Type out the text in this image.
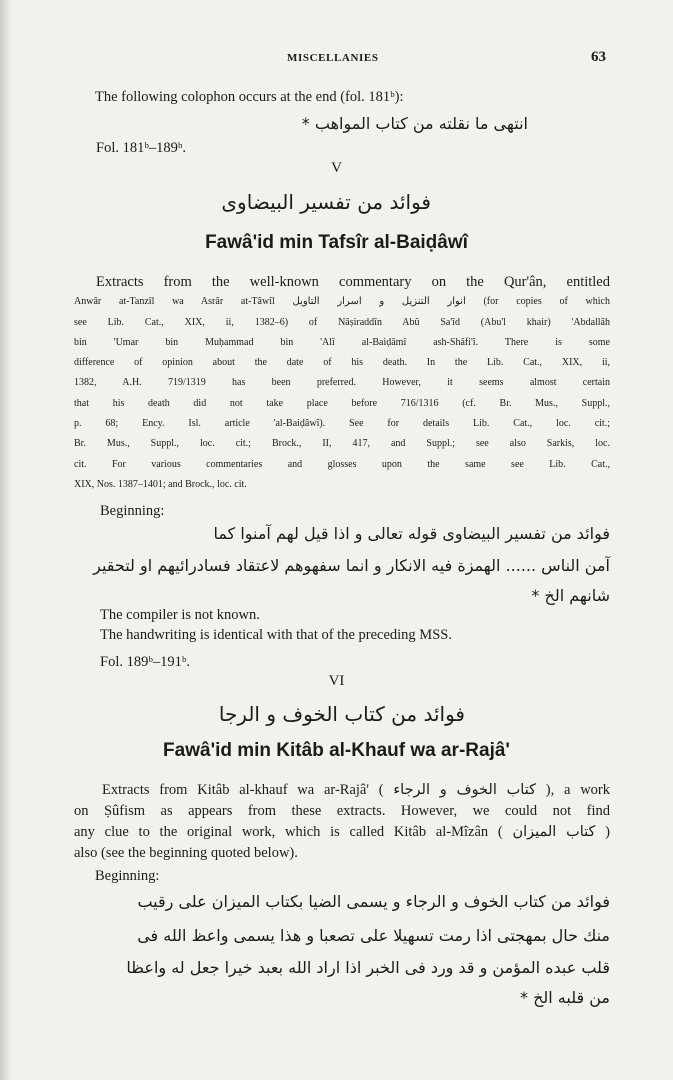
MISCELLANIES	63
The following colophon occurs at the end (fol. 181ᵇ):
انتهى ما نقلته من كتاب المواهب *
Fol. 181ᵇ–189ᵇ.
V
فوائد من تفسير البيضاوى
Fawâ'id min Tafsîr al-Baiḍâwî
Extracts from the well-known commentary on the Qur'ân, entitled
Anwâr at-Tanzîl wa Asrâr at-Tâwîl انوار التنزيل و اسرار التاويل (for copies of which
see Lib. Cat., XIX, ii, 1382–6) of Nâṣiraddîn Abû Sa'îd (Abu'l khair) 'Abdallâh
bin 'Umar bin Muḥammad bin 'Alî al-Baiḍâmî ash-Shâfi'î. There is some
difference of opinion about the date of his death. In the Lib. Cat., XIX, ii,
1382, A.H. 719/1319 has been preferred. However, it seems almost certain
that his death did not take place before 716/1316 (cf. Br. Mus., Suppl.,
p. 68; Ency. Isl. article 'al-Baiḍâwî). See for details Lib. Cat., loc. cit.;
Br. Mus., Suppl., loc. cit.; Brock., II, 417, and Suppl.; see also Sarkis, loc.
cit. For various commentaries and glosses upon the same see Lib. Cat.,
XIX, Nos. 1387–1401; and Brock., loc. cit.
Beginning:
فوائد من تفسير البيضاوى قوله تعالى و اذا قيل لهم آمنوا كما
آمن الناس ...... الهمزة فيه الانكار و انما سفهوهم لاعتقاد فسادرائيهم او لتحقير
شانهم الخ *
The compiler is not known.
The handwriting is identical with that of the preceding MSS.
Fol. 189ᵇ–191ᵇ.
VI
فوائد من كتاب الخوف و الرجا
Fawâ'id min Kitâb al-Khauf wa ar-Rajâ'
Extracts from Kitâb al-khauf wa ar-Rajâ' ( كتاب الخوف و الرجاء ), a work
on Ṣûfism as appears from these extracts. However, we could not find
any clue to the original work, which is called Kitâb al-Mîzân ( كتاب الميزان )
also (see the beginning quoted below).
Beginning:
فوائد من كتاب الخوف و الرجاء و يسمى الضيا بكتاب الميزان على رقيب
منك حال بمهجتى اذا رمت تسهيلا على تصعبا و هذا يسمى واعظ الله فى
قلب عبده المؤمن و قد ورد فى الخبر اذا اراد الله بعبد خيرا جعل له واعظا
من قلبه الخ *
